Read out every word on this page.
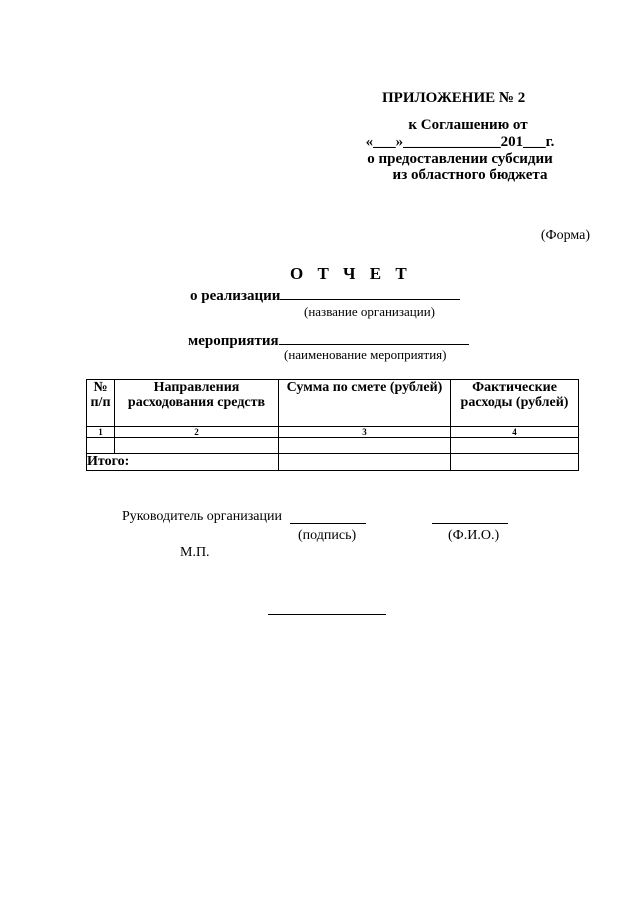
ПРИЛОЖЕНИЕ № 2
к Соглашению от
«___»_____________201___г.
о предоставлении субсидии
из областного бюджета
(Форма)
О Т Ч Е Т
о реализации
(название организации)
мероприятия
(наименование мероприятия)
№ п/п	Направления расходования средств	Сумма по смете (рублей)	Фактические расходы (рублей)
1	2	3	4

Итого:			
Руководитель организации
(подпись)	(Ф.И.О.)
М.П.
